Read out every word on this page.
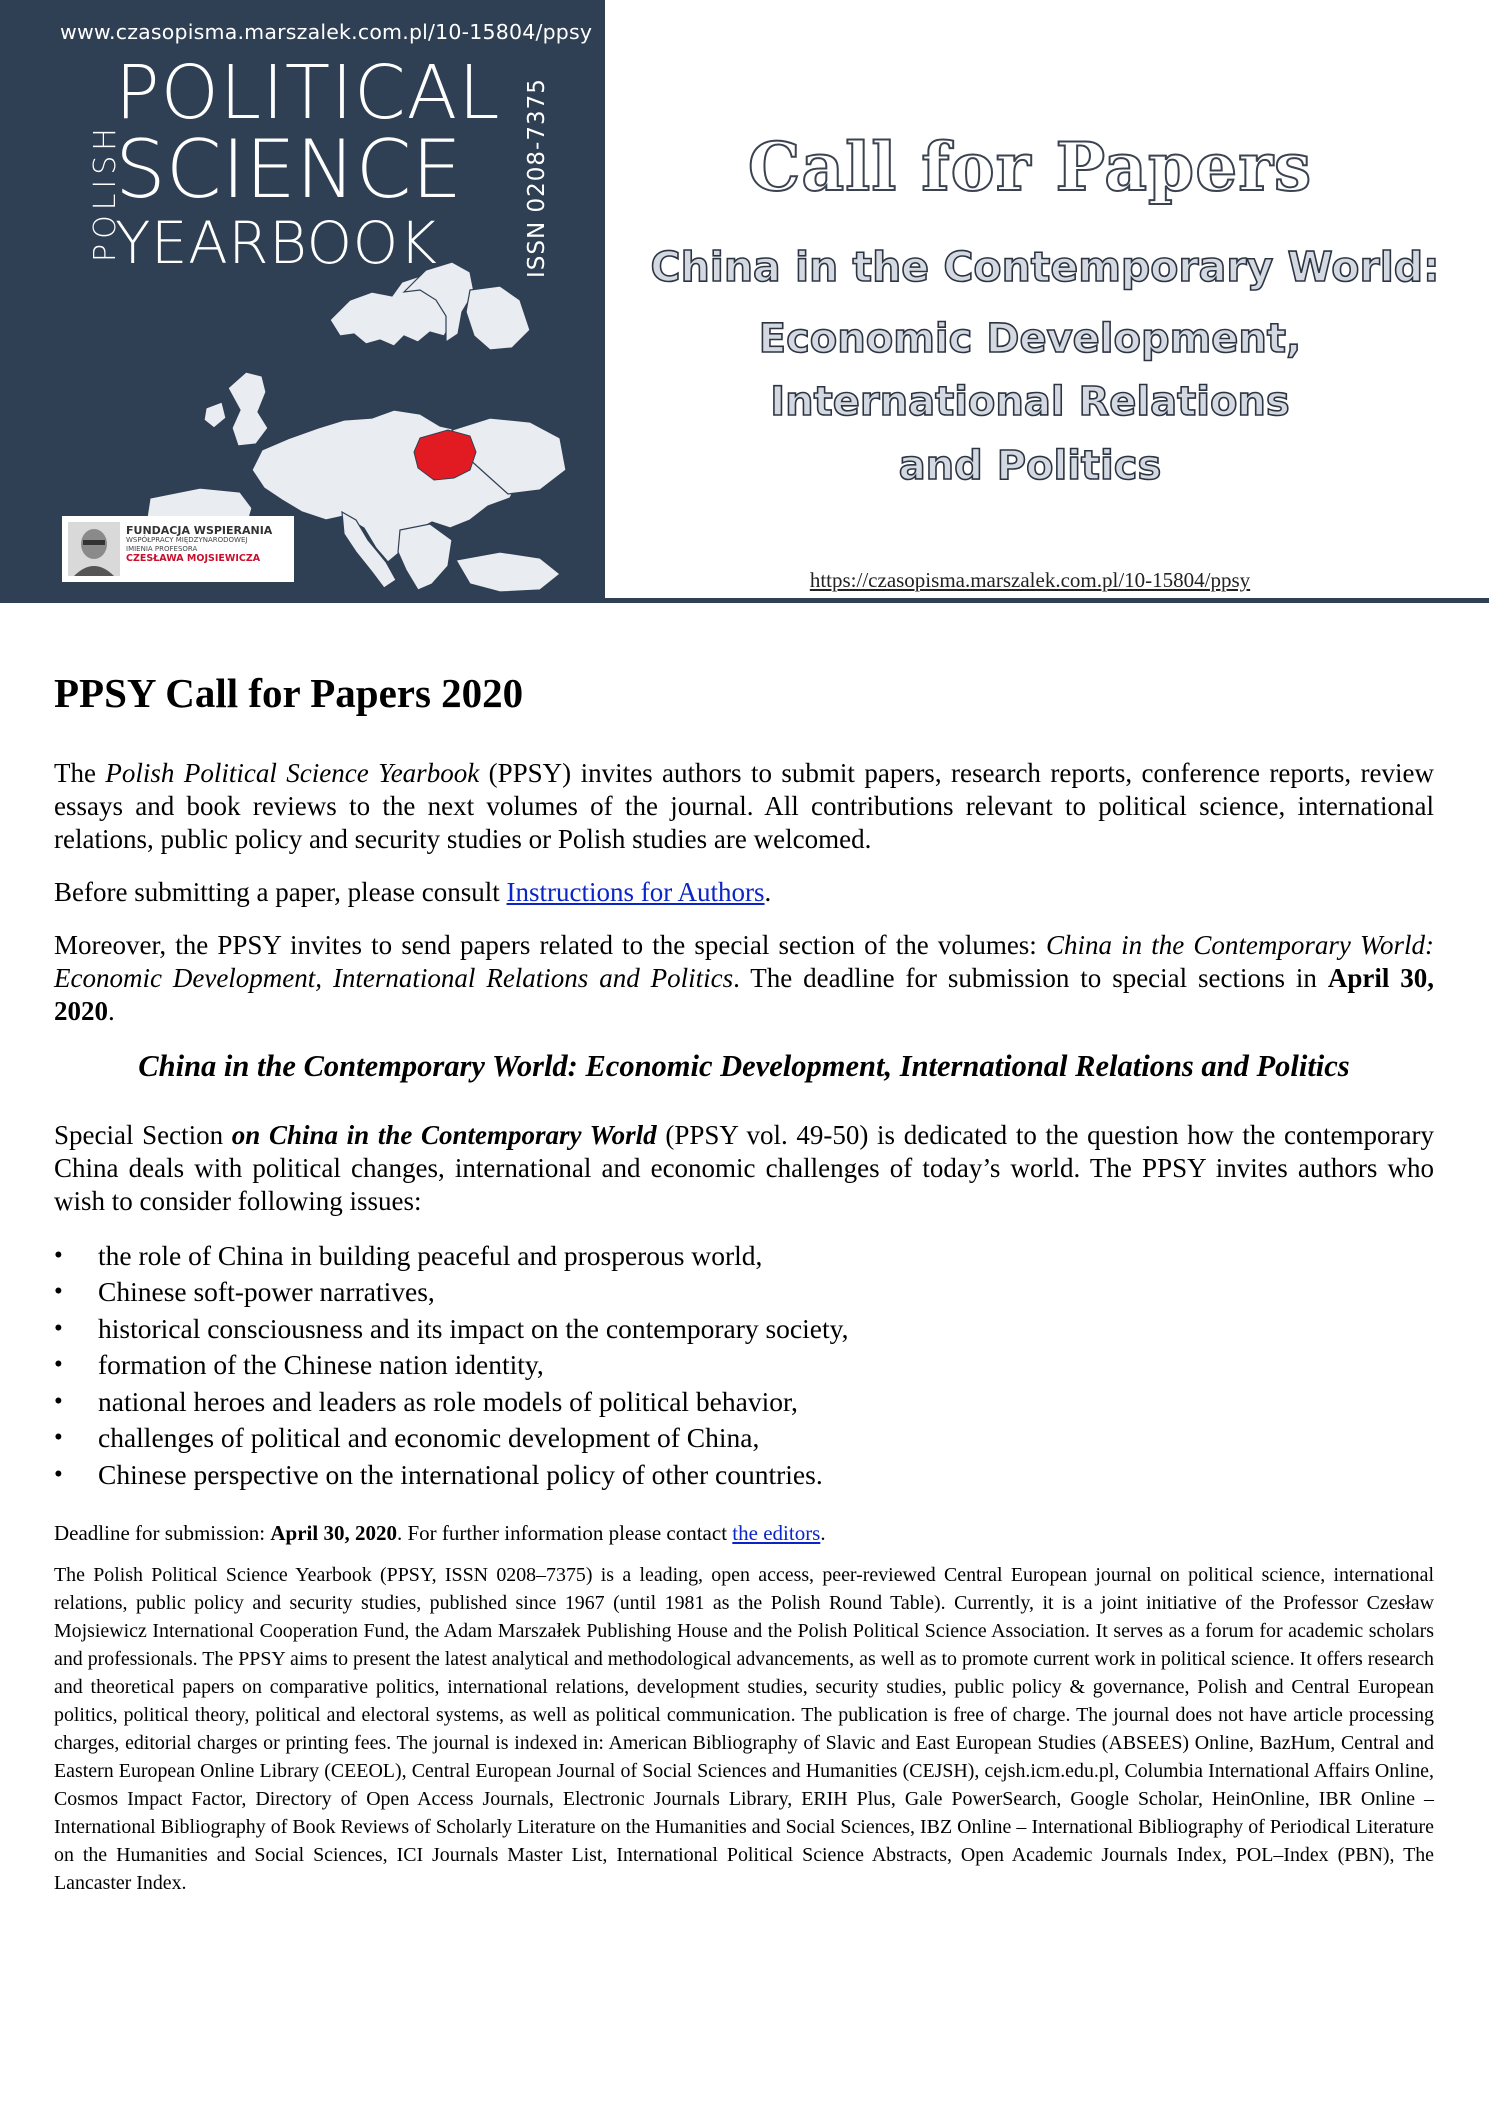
www.czasopisma.marszalek.com.pl/10-15804/ppsy
POLISH
POLITICAL
SCIENCE
YEARBOOK	ISSN 0208-7375
FUNDACJA WSPIERANIA
WSPÓŁPRACY MIĘDZYNARODOWEJ
IMIENIA PROFESORA
CZESŁAWA MOJSIEWICZA
Call for Papers
China in the Contemporary World:
Economic Development,
International Relations
and Politics
https://czasopisma.marszalek.com.pl/10-15804/ppsy
PPSY Call for Papers 2020

The Polish Political Science Yearbook (PPSY) invites authors to submit papers, research reports, conference reports, review essays and book reviews to the next volumes of the journal. All contributions relevant to political science, international relations, public policy and security studies or Polish studies are welcomed.

Before submitting a paper, please consult Instructions for Authors.

Moreover, the PPSY invites to send papers related to the special section of the volumes: China in the Contemporary World: Economic Development, International Relations and Politics. The deadline for submission to special sections in April 30, 2020.

China in the Contemporary World: Economic Development, International Relations and Politics

Special Section on China in the Contemporary World (PPSY vol. 49-50) is dedicated to the question how the contemporary China deals with political changes, international and economic challenges of today’s world. The PPSY invites authors who wish to consider following issues:

• the role of China in building peaceful and prosperous world,
• Chinese soft-power narratives,
• historical consciousness and its impact on the contemporary society,
• formation of the Chinese nation identity,
• national heroes and leaders as role models of political behavior,
• challenges of political and economic development of China,
• Chinese perspective on the international policy of other countries.

Deadline for submission: April 30, 2020. For further information please contact the editors.

The Polish Political Science Yearbook (PPSY, ISSN 0208–7375) is a leading, open access, peer-reviewed Central European journal on political science, international relations, public policy and security studies, published since 1967 (until 1981 as the Polish Round Table). Currently, it is a joint initiative of the Professor Czesław Mojsiewicz International Cooperation Fund, the Adam Marszałek Publishing House and the Polish Political Science Association. It serves as a forum for academic scholars and professionals. The PPSY aims to present the latest analytical and methodological advancements, as well as to promote current work in political science. It offers research and theoretical papers on comparative politics, international relations, development studies, security studies, public policy & governance, Polish and Central European politics, political theory, political and electoral systems, as well as political communication. The publication is free of charge. The journal does not have article processing charges, editorial charges or printing fees. The journal is indexed in: American Bibliography of Slavic and East European Studies (ABSEES) Online, BazHum, Central and Eastern European Online Library (CEEOL), Central European Journal of Social Sciences and Humanities (CEJSH), cejsh.icm.edu.pl, Columbia International Affairs Online, Cosmos Impact Factor, Directory of Open Access Journals, Electronic Journals Library, ERIH Plus, Gale PowerSearch, Google Scholar, HeinOnline, IBR Online – International Bibliography of Book Reviews of Scholarly Literature on the Humanities and Social Sciences, IBZ Online – International Bibliography of Periodical Literature on the Humanities and Social Sciences, ICI Journals Master List, International Political Science Abstracts, Open Academic Journals Index, POL–Index (PBN), The Lancaster Index.
